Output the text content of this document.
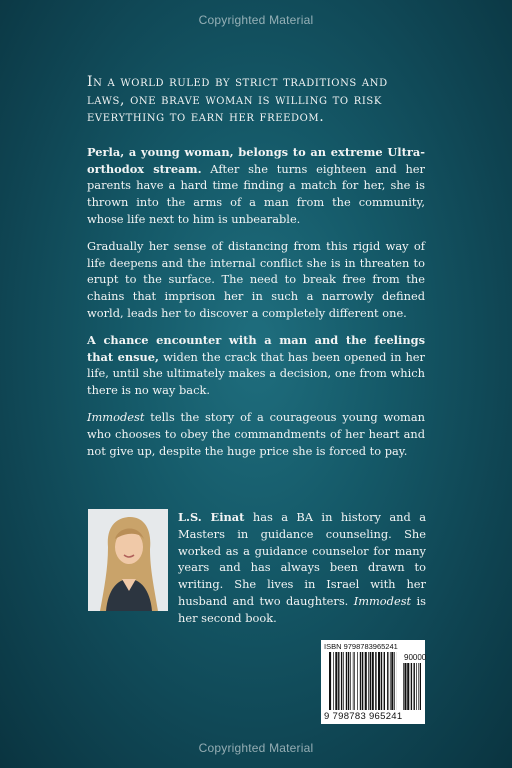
Copyrighted Material

In a world ruled by strict traditions and laws, one brave woman is willing to risk everything to earn her freedom.

Perla, a young woman, belongs to an extreme Ultra-orthodox stream. After she turns eighteen and her parents have a hard time finding a match for her, she is thrown into the arms of a man from the community, whose life next to him is unbearable.

Gradually her sense of distancing from this rigid way of life deepens and the internal conflict she is in threaten to erupt to the surface. The need to break free from the chains that imprison her in such a narrowly defined world, leads her to discover a completely different one.

A chance encounter with a man and the feelings that ensue, widen the crack that has been opened in her life, until she ultimately makes a decision, one from which there is no way back.

Immodest tells the story of a courageous young woman who chooses to obey the commandments of her heart and not give up, despite the huge price she is forced to pay.

L.S. Einat has a BA in history and a Masters in guidance counseling. She worked as a guidance counselor for many years and has always been drawn to writing. She lives in Israel with her husband and two daughters. Immodest is her second book.
ISBN 9798783965241
90000
9 798783 965241
Copyrighted Material
